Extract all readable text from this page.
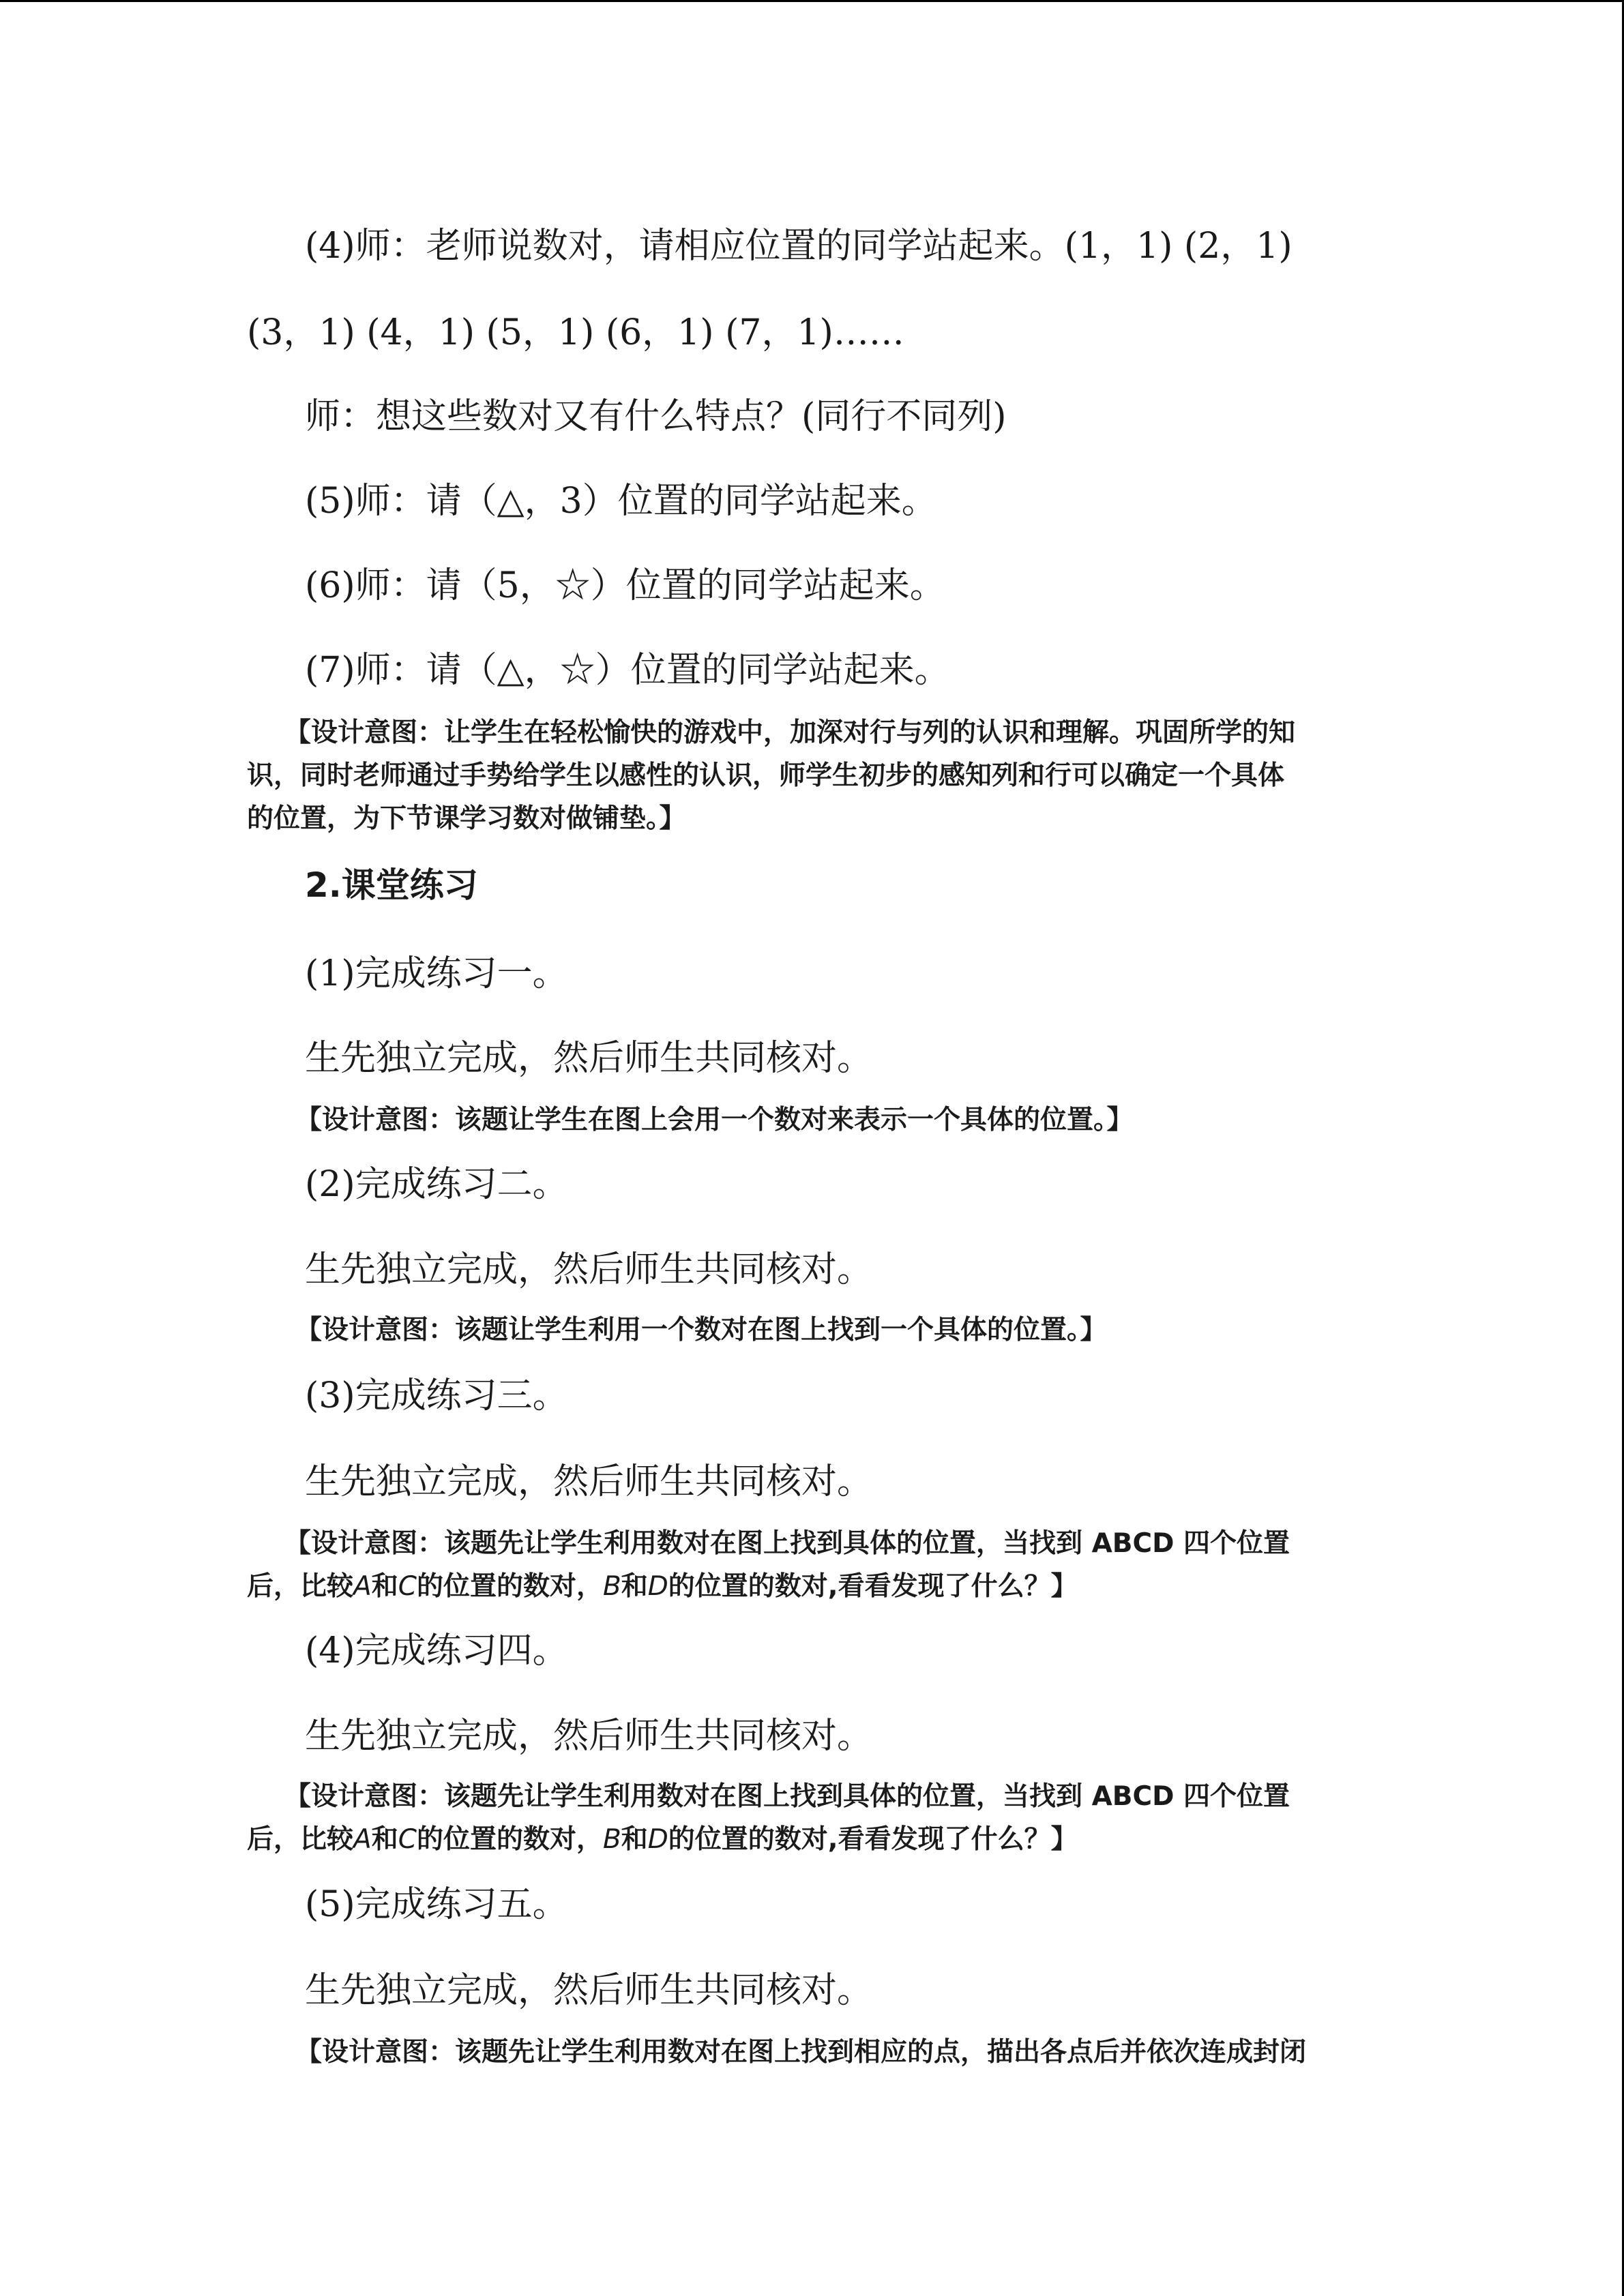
(4)师：老师说数对，请相应位置的同学站起来。(1，1) (2，1)
(3，1) (4，1) (5，1) (6，1) (7，1)……
师：想这些数对又有什么特点？(同行不同列)
(5)师：请（△，3）位置的同学站起来。
(6)师：请（5，☆）位置的同学站起来。
(7)师：请（△，☆）位置的同学站起来。
【设计意图：让学生在轻松愉快的游戏中，加深对行与列的认识和理解。巩固所学的知
识，同时老师通过手势给学生以感性的认识，师学生初步的感知列和行可以确定一个具体
的位置，为下节课学习数对做铺垫。】
2.课堂练习
(1)完成练习一。
生先独立完成，然后师生共同核对。
【设计意图：该题让学生在图上会用一个数对来表示一个具体的位置。】
(2)完成练习二。
生先独立完成，然后师生共同核对。
【设计意图：该题让学生利用一个数对在图上找到一个具体的位置。】
(3)完成练习三。
生先独立完成，然后师生共同核对。
【设计意图：该题先让学生利用数对在图上找到具体的位置，当找到 ABCD 四个位置
后，比较A和C的位置的数对，B和D的位置的数对,看看发现了什么？】
(4)完成练习四。
生先独立完成，然后师生共同核对。
【设计意图：该题先让学生利用数对在图上找到具体的位置，当找到 ABCD 四个位置
后，比较A和C的位置的数对，B和D的位置的数对,看看发现了什么？】
(5)完成练习五。
生先独立完成，然后师生共同核对。
【设计意图：该题先让学生利用数对在图上找到相应的点，描出各点后并依次连成封闭
